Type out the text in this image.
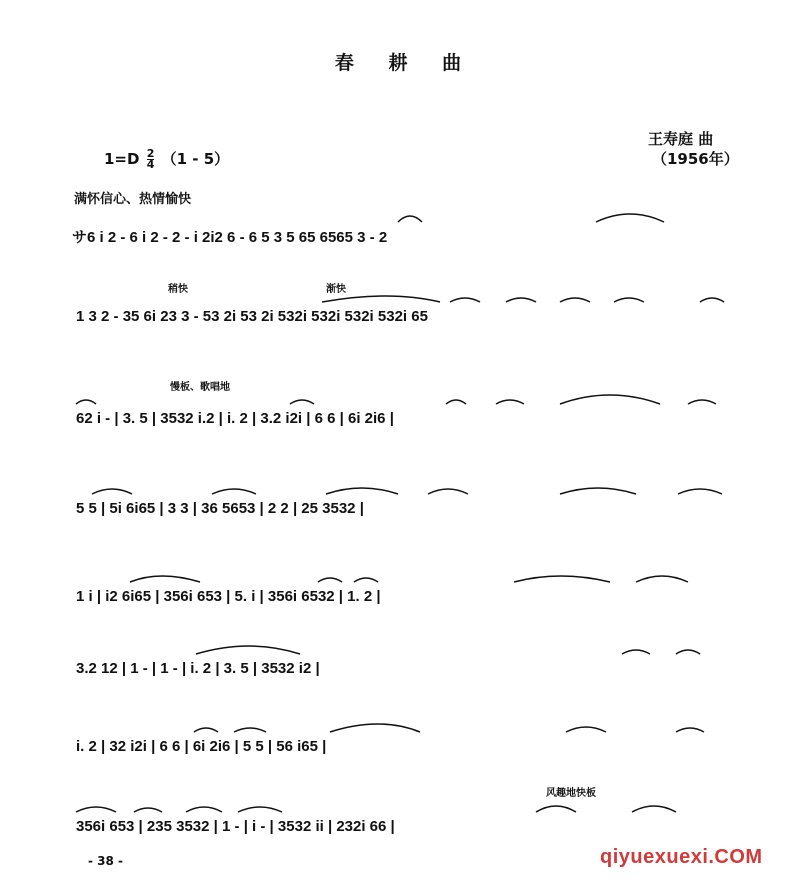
春 耕 曲
王寿庭 曲
（1956年）
$1=D \frac{2}{4} (1 - 5)$
满怀信心、热情愉快
稍快	渐快
慢板、歌唱地
风趣地快板
サ6 i 2 - 6 i 2 - 2 - i 2i2 6 - 6 5 3 5 65 6565 3 - 2
1 3 2 - 35 6i 23 3 - 53 2i 53 2i 532i 532i 532i 532i 65
62 i - | 3. 5 | 3532 i.2 | i. 2 | 3.2 i2i | 6 6 | 6i 2i6 |
5 5 | 5i 6i65 | 3 3 | 36 5653 | 2 2 | 25 3532 |
1 i | i2 6i65 | 356i 653 | 5. i | 356i 6532 | 1. 2 |
3.2 12 | 1 - | 1 - | i. 2 | 3. 5 | 3532 i2 |
i. 2 | 32 i2i | 6 6 | 6i 2i6 | 5 5 | 56 i65 |
356i 653 | 235 3532 | 1 - | i - | 3532 ii | 232i 66 |
- 38 -	qiyuexuexi.COM
